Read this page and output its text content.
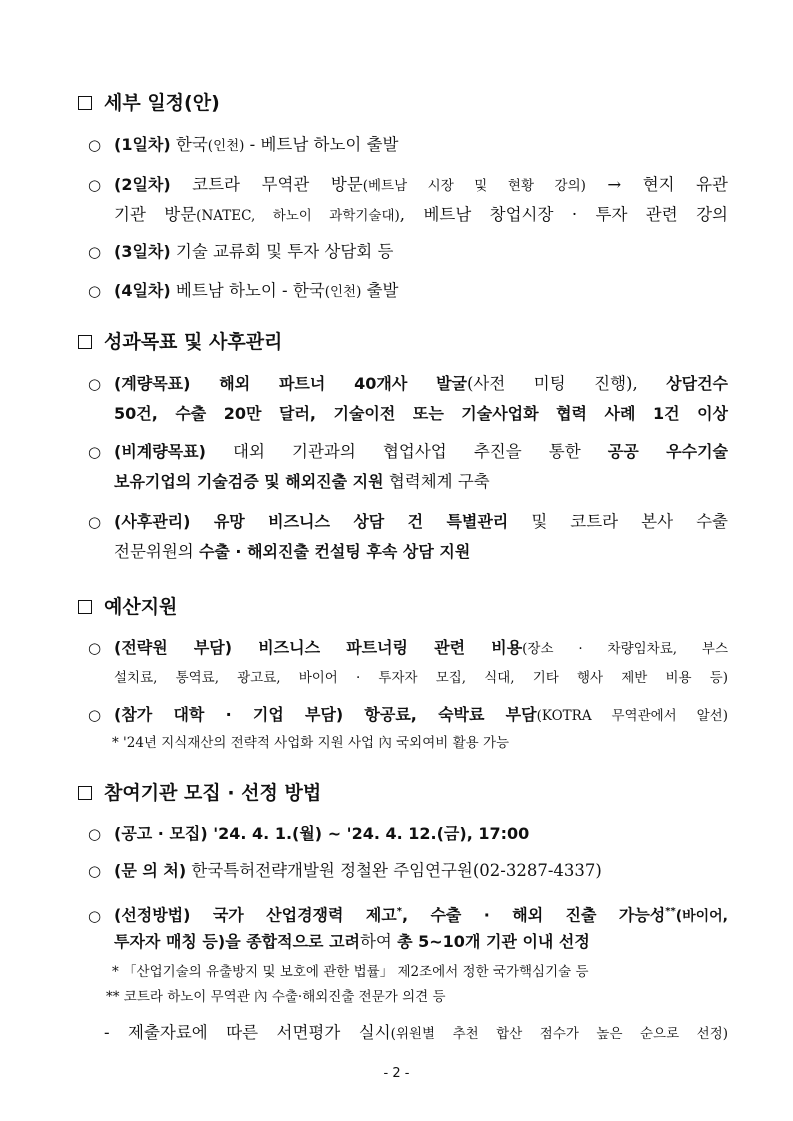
세부 일정(안)
○ (1일차) 한국(인천) - 베트남 하노이 출발
○ (2일차) 코트라 무역관 방문(베트남 시장 및 현황 강의) → 현지 유관
기관 방문(NATEC, 하노이 과학기술대), 베트남 창업시장 · 투자 관련 강의
○ (3일차) 기술 교류회 및 투자 상담회 등
○ (4일차) 베트남 하노이 - 한국(인천) 출발
성과목표 및 사후관리
○ (계량목표) 해외 파트너 40개사 발굴(사전 미팅 진행), 상담건수
50건, 수출 20만 달러, 기술이전 또는 기술사업화 협력 사례 1건 이상
○ (비계량목표) 대외 기관과의 협업사업 추진을 통한 공공 우수기술
보유기업의 기술검증 및 해외진출 지원 협력체계 구축
○ (사후관리) 유망 비즈니스 상담 건 특별관리 및 코트라 본사 수출
전문위원의 수출 · 해외진출 컨설팅 후속 상담 지원
예산지원
○ (전략원 부담) 비즈니스 파트너링 관련 비용(장소 · 차량임차료, 부스
설치료, 통역료, 광고료, 바이어 · 투자자 모집, 식대, 기타 행사 제반 비용 등)
○ (참가 대학 · 기업 부담) 항공료, 숙박료 부담(KOTRA 무역관에서 알선)
* '24년 지식재산의 전략적 사업화 지원 사업 內 국외여비 활용 가능
참여기관 모집 · 선정 방법
○ (공고 · 모집) '24. 4. 1.(월) ~ '24. 4. 12.(금), 17:00
○ (문 의 처) 한국특허전략개발원 정철완 주임연구원(02-3287-4337)
○ (선정방법) 국가 산업경쟁력 제고*, 수출 · 해외 진출 가능성**(바이어,
투자자 매칭 등)을 종합적으로 고려하여 총 5~10개 기관 이내 선정
* 「산업기술의 유출방지 및 보호에 관한 법률」 제2조에서 정한 국가핵심기술 등
** 코트라 하노이 무역관 內 수출·해외진출 전문가 의견 등
- 제출자료에 따른 서면평가 실시(위원별 추천 합산 점수가 높은 순으로 선정)
- 2 -
